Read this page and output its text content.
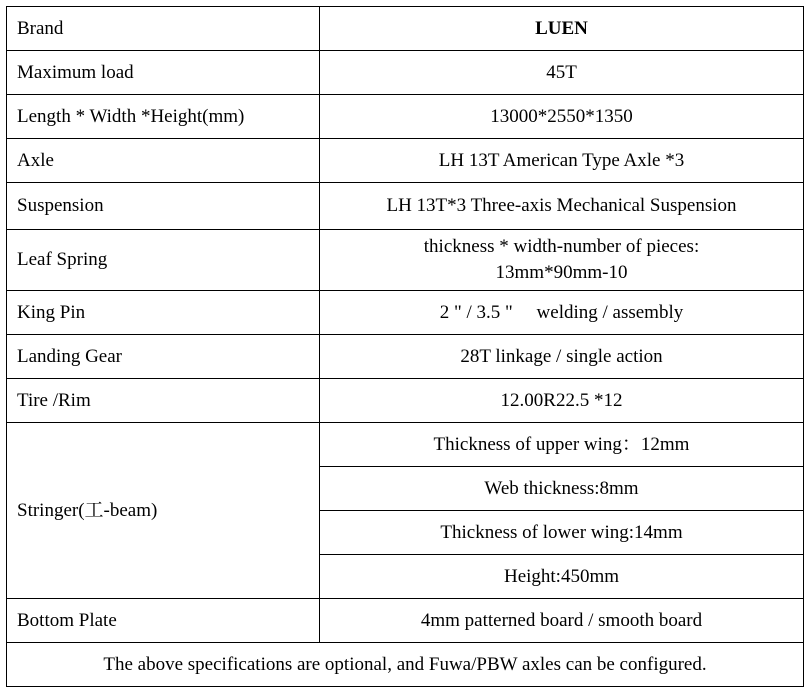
Brand	LUEN
Maximum load	45T
Length * Width *Height(mm)	13000*2550*1350
Axle	LH 13T American Type Axle *3
Suspension	LH 13T*3 Three-axis Mechanical Suspension
Leaf Spring	thickness * width-number of pieces:
13mm*90mm-10

King Pin	2 " / 3.5 "     welding / assembly
Landing Gear	28T linkage / single action
Tire /Rim	12.00R22.5 *12
Stringer(工-beam)	Thickness of upper wing：12mm
	Web thickness:8mm
	Thickness of lower wing:14mm
	Height:450mm
Bottom Plate	4mm patterned board / smooth board
The above specifications are optional, and Fuwa/PBW axles can be configured.	
